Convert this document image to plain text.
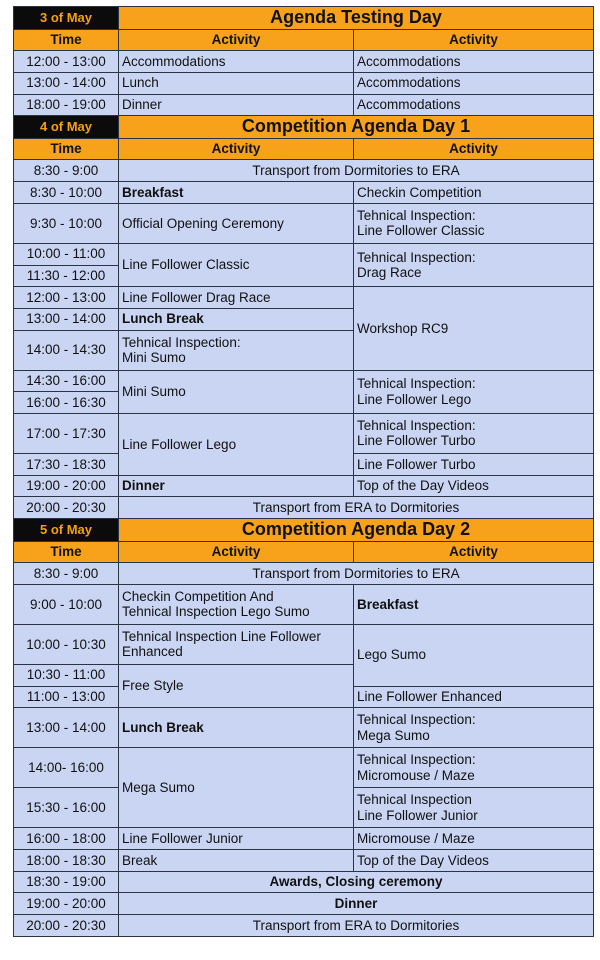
3 of May	Agenda Testing Day	
Time	Activity	Activity
12:00 - 13:00	Accommodations	Accommodations
13:00 - 14:00	Lunch	Accommodations
18:00 - 19:00	Dinner	Accommodations
4 of May	Competition Agenda Day 1	
Time	Activity	Activity
8:30 - 9:00	Transport from Dormitories to ERA	
8:30 - 10:00	Breakfast	Checkin Competition
9:30 - 10:00	Official Opening Ceremony	Tehnical Inspection:
Line Follower Classic
10:00 - 11:00	Line Follower Classic	Tehnical Inspection:
Drag Race
11:30 - 12:00		
12:00 - 13:00	Line Follower Drag Race	Workshop RC9
13:00 - 14:00	Lunch Break	
14:00 - 14:30	Tehnical Inspection:
Mini Sumo	
14:30 - 16:00	Mini Sumo	Tehnical Inspection:
Line Follower Lego
16:00 - 16:30		
17:00 - 17:30	Line Follower Lego	Tehnical Inspection:
Line Follower Turbo
17:30 - 18:30		Line Follower Turbo
19:00 - 20:00	Dinner	Top of the Day Videos
20:00 - 20:30	Transport from ERA to Dormitories	
5 of May	Competition Agenda Day 2	
Time	Activity	Activity
8:30 - 9:00	Transport from Dormitories to ERA	
9:00 - 10:00	Checkin Competition And
Tehnical Inspection Lego Sumo	Breakfast
10:00 - 10:30	Tehnical Inspection Line Follower
Enhanced	Lego Sumo
10:30 - 11:00	Free Style	
11:00 - 13:00		Line Follower Enhanced
13:00 - 14:00	Lunch Break	Tehnical Inspection:
Mega Sumo
14:00- 16:00	Mega Sumo	Tehnical Inspection:
Micromouse / Maze
15:30 - 16:00		Tehnical Inspection
Line Follower Junior
16:00 - 18:00	Line Follower Junior	Micromouse / Maze
18:00 - 18:30	Break	Top of the Day Videos
18:30 - 19:00	Awards, Closing ceremony	
19:00 - 20:00	Dinner	
20:00 - 20:30	Transport from ERA to Dormitories	
